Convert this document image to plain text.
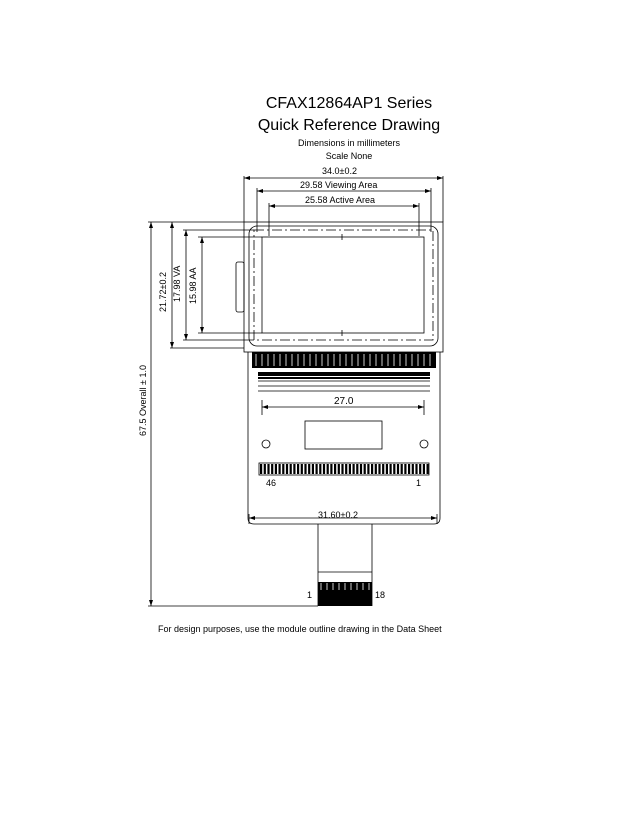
CFAX12864AP1 Series
Quick Reference Drawing
Dimensions in millimeters
Scale None
34.0±0.2
29.58 Viewing Area
25.58 Active Area
21.72±0.2 17.98 VA 15.98 AA
67.5 Overall ± 1.0	27.0
46	1
31.60±0.2
1	18
For design purposes, use the module outline drawing in the Data Sheet
